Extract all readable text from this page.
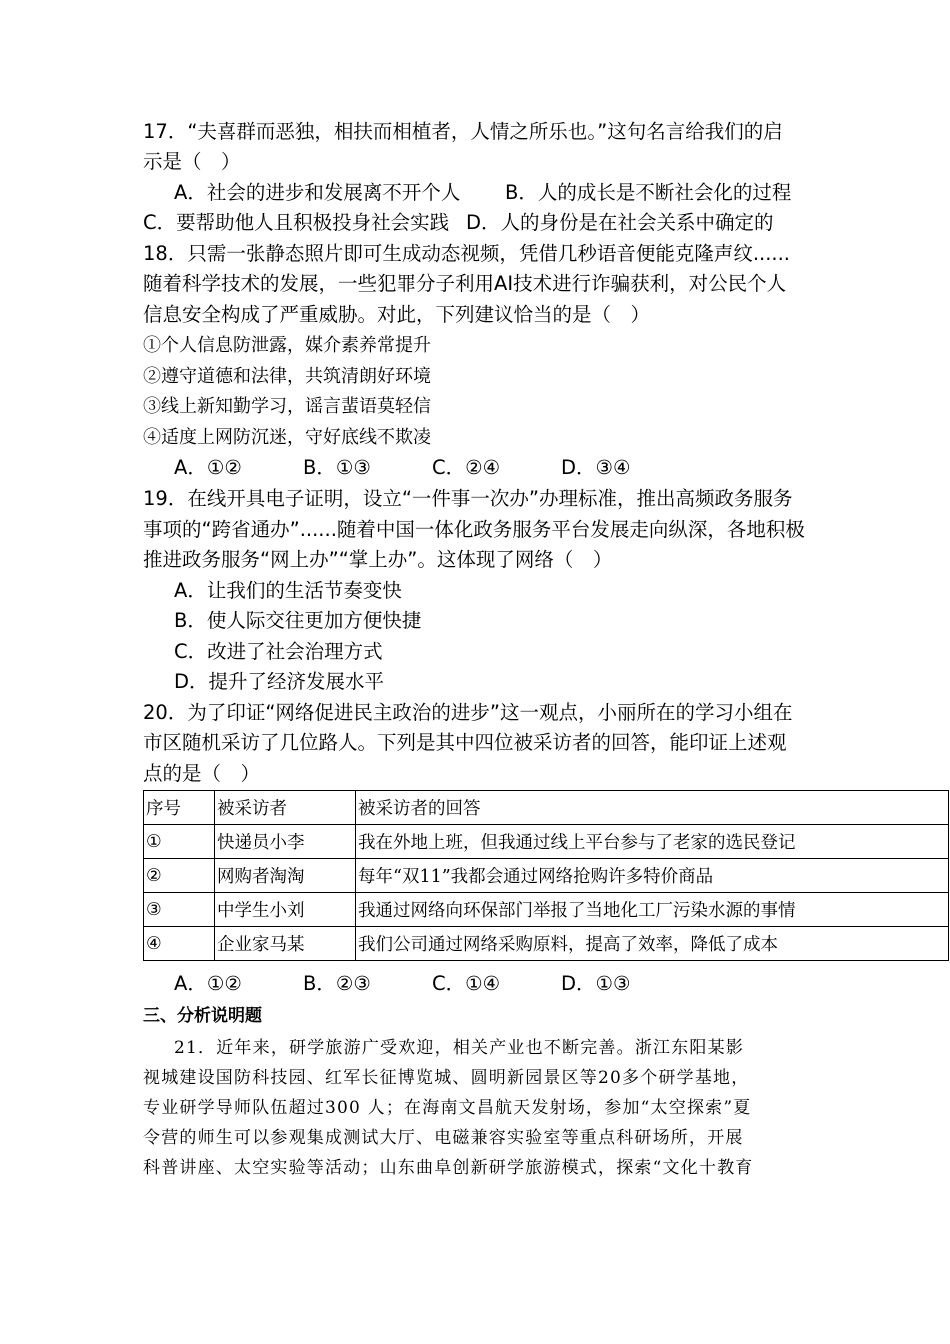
17．“夫喜群而恶独，相扶而相植者，人情之所乐也。”这句名言给我们的启
示是（　）
A．社会的进步和发展离不开个人 B．人的成长是不断社会化的过程
C．要帮助他人且积极投身社会实践 D．人的身份是在社会关系中确定的
18．只需一张静态照片即可生成动态视频，凭借几秒语音便能克隆声纹......
随着科学技术的发展，一些犯罪分子利用AI技术进行诈骗获利，对公民个人
信息安全构成了严重威胁。对此，下列建议恰当的是（　）
①个人信息防泄露，媒介素养常提升
②遵守道德和法律，共筑清朗好环境
③线上新知勤学习，谣言蜚语莫轻信
④适度上网防沉迷，守好底线不欺凌
A．①②	B．①③	C．②④	D．③④
19．在线开具电子证明，设立“一件事一次办”办理标准，推出高频政务服务
事项的“跨省通办”......随着中国一体化政务服务平台发展走向纵深，各地积极
推进政务服务“网上办”“掌上办”。这体现了网络（　）
A．让我们的生活节奏变快
B．使人际交往更加方便快捷
C．改进了社会治理方式
D．提升了经济发展水平
20．为了印证“网络促进民主政治的进步”这一观点，小丽所在的学习小组在
市区随机采访了几位路人。下列是其中四位被采访者的回答，能印证上述观
点的是（　）
序号	被采访者	被采访者的回答
①	快递员小李	我在外地上班，但我通过线上平台参与了老家的选民登记
②	网购者淘淘	每年“双11”我都会通过网络抢购许多特价商品
③	中学生小刘	我通过网络向环保部门举报了当地化工厂污染水源的事情
④	企业家马某	我们公司通过网络采购原料，提高了效率，降低了成本
A．①②	B．②③	C．①④	D．①③
三、分析说明题
21．近年来，研学旅游广受欢迎，相关产业也不断完善。浙江东阳某影
视城建设国防科技园、红军长征博览城、圆明新园景区等20多个研学基地，
专业研学导师队伍超过300 人；在海南文昌航天发射场，参加“太空探索”夏
令营的师生可以参观集成测试大厅、电磁兼容实验室等重点科研场所，开展
科普讲座、太空实验等活动；山东曲阜创新研学旅游模式，探索“文化十教育
